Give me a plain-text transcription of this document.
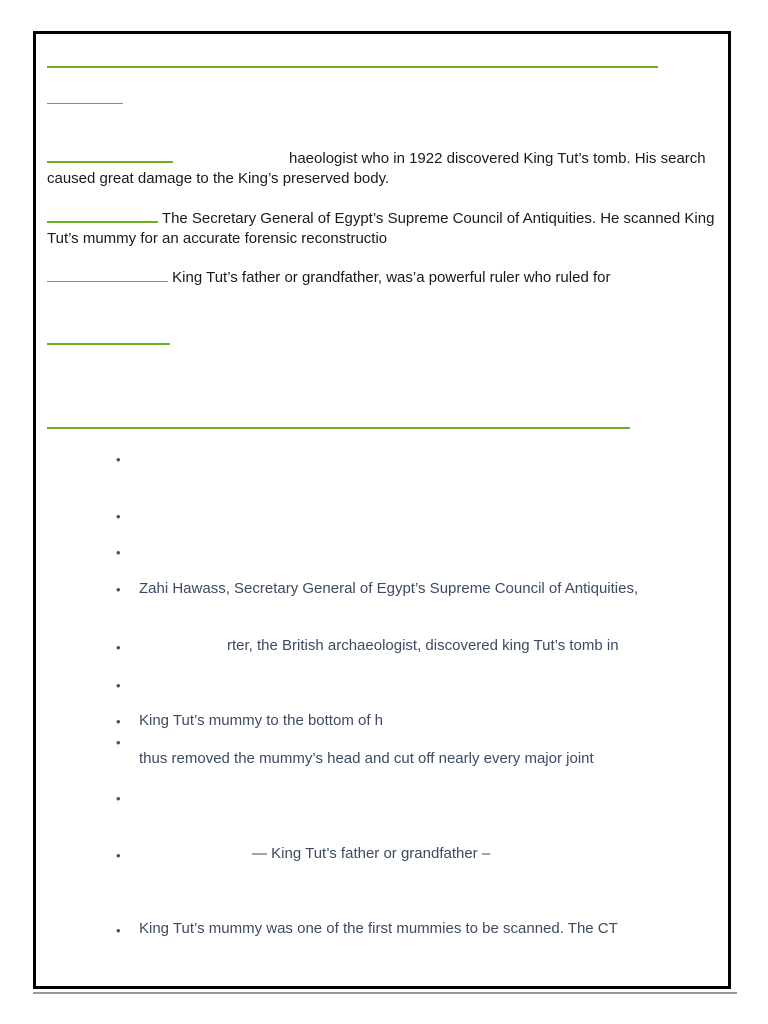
haeologist who in 1922 discovered King Tut’s tomb. His search caused great damage to the King’s preserved body.
The Secretary General of Egypt’s Supreme Council of Antiquities. He scanned King Tut’s mummy for an accurate forensic reconstructio
King Tut’s father or grandfather, was’a powerful ruler who ruled for
•
•
•
• Zahi Hawass, Secretary General of Egypt’s Supreme Council of Antiquities,
•	rter, the British archaeologist, discovered king Tut’s tomb in
•
• King Tut’s mummy to the bottom of h
•
thus removed the mummy’s head and cut off nearly every major joint
•
•	— King Tut’s father or grandfather –
• King Tut’s mummy was one of the first mummies to be scanned. The CT
